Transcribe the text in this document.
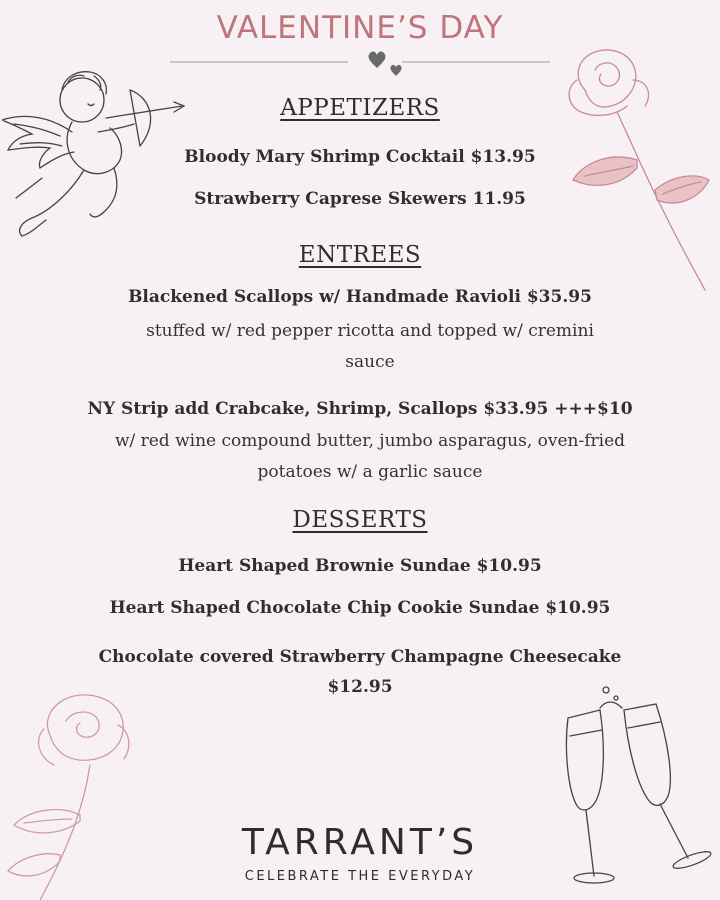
VALENTINE’S DAY
APPETIZERS
Bloody Mary Shrimp Cocktail $13.95
Strawberry Caprese Skewers 11.95
ENTREES
Blackened Scallops w/ Handmade Ravioli $35.95
stuffed w/ red pepper ricotta and topped w/ cremini
sauce
NY Strip add Crabcake, Shrimp, Scallops $33.95 +++$10
w/ red wine compound butter, jumbo asparagus, oven-fried
potatoes w/ a garlic sauce
DESSERTS
Heart Shaped Brownie Sundae $10.95
Heart Shaped Chocolate Chip Cookie Sundae $10.95
Chocolate covered Strawberry Champagne Cheesecake
$12.95
TARRANT’S
CELEBRATE THE EVERYDAY
